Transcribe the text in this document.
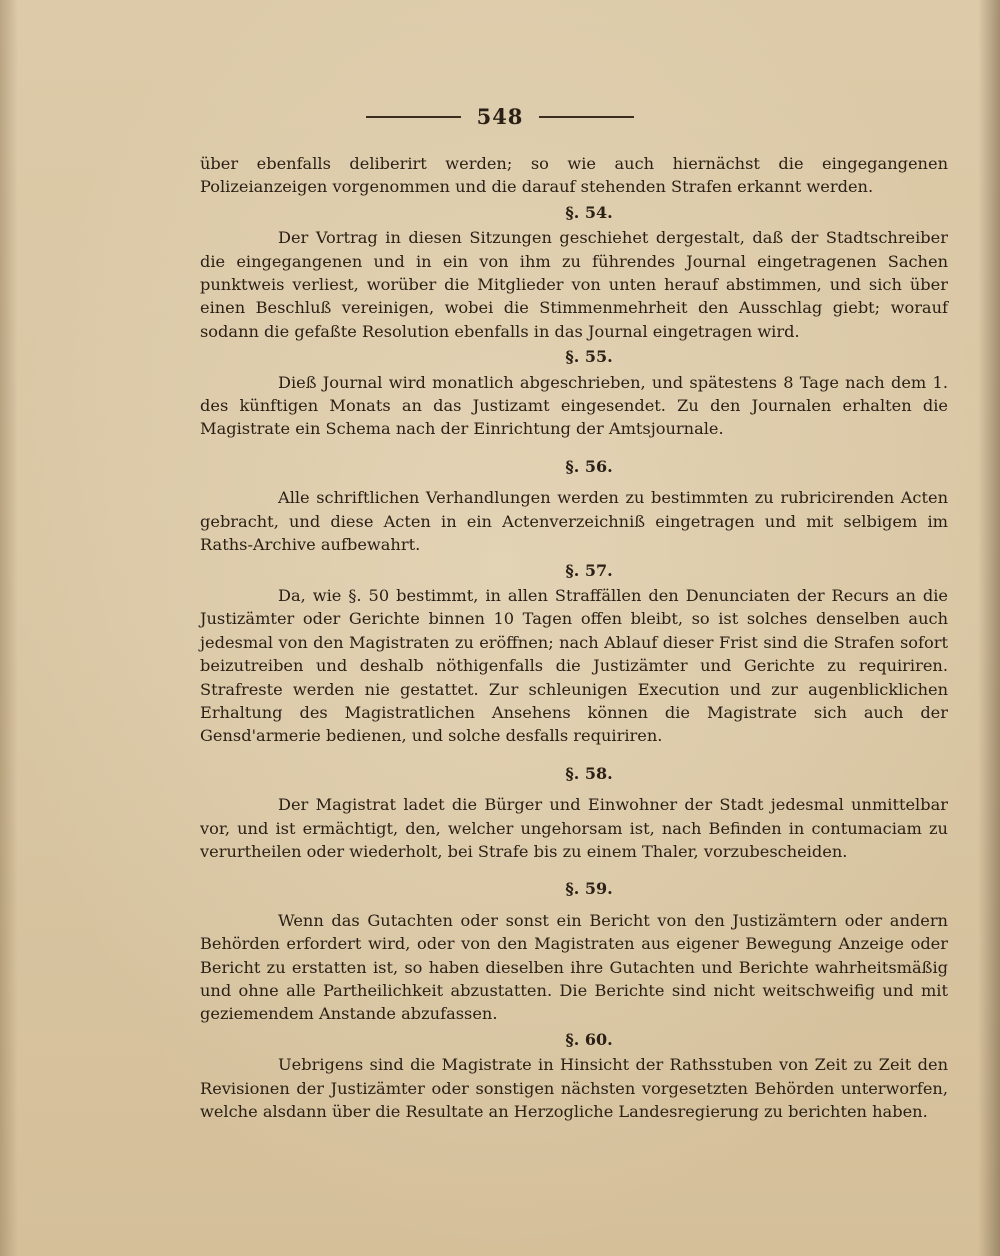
548

über ebenfalls deliberirt werden; so wie auch hiernächst die eingegangenen Polizeianzeigen vorgenommen und die darauf stehenden Strafen erkannt werden.

§. 54.

Der Vortrag in diesen Sitzungen geschiehet dergestalt, daß der Stadtschreiber die eingegangenen und in ein von ihm zu führendes Journal eingetragenen Sachen punktweis verliest, worüber die Mitglieder von unten herauf abstimmen, und sich über einen Beschluß vereinigen, wobei die Stimmenmehrheit den Ausschlag giebt; worauf sodann die gefaßte Resolution ebenfalls in das Journal eingetragen wird.

§. 55.

Dieß Journal wird monatlich abgeschrieben, und spätestens 8 Tage nach dem 1. des künftigen Monats an das Justizamt eingesendet. Zu den Journalen erhalten die Magistrate ein Schema nach der Einrichtung der Amtsjournale.

§. 56.

Alle schriftlichen Verhandlungen werden zu bestimmten zu rubricirenden Acten gebracht, und diese Acten in ein Actenverzeichniß eingetragen und mit selbigem im Raths-Archive aufbewahrt.

§. 57.

Da, wie §. 50 bestimmt, in allen Straffällen den Denunciaten der Recurs an die Justizämter oder Gerichte binnen 10 Tagen offen bleibt, so ist solches denselben auch jedesmal von den Magistraten zu eröffnen; nach Ablauf dieser Frist sind die Strafen sofort beizutreiben und deshalb nöthigenfalls die Justizämter und Gerichte zu requiriren. Strafreste werden nie gestattet. Zur schleunigen Execution und zur augenblicklichen Erhaltung des Magistratlichen Ansehens können die Magistrate sich auch der Gensd'armerie bedienen, und solche desfalls requiriren.

§. 58.

Der Magistrat ladet die Bürger und Einwohner der Stadt jedesmal unmittelbar vor, und ist ermächtigt, den, welcher ungehorsam ist, nach Befinden in contumaciam zu verurtheilen oder wiederholt, bei Strafe bis zu einem Thaler, vorzubescheiden.

§. 59.

Wenn das Gutachten oder sonst ein Bericht von den Justizämtern oder andern Behörden erfordert wird, oder von den Magistraten aus eigener Bewegung Anzeige oder Bericht zu erstatten ist, so haben dieselben ihre Gutachten und Berichte wahrheitsmäßig und ohne alle Partheilichkeit abzustatten. Die Berichte sind nicht weitschweifig und mit geziemendem Anstande abzufassen.

§. 60.

Uebrigens sind die Magistrate in Hinsicht der Rathsstuben von Zeit zu Zeit den Revisionen der Justizämter oder sonstigen nächsten vorgesetzten Behörden unterworfen, welche alsdann über die Resultate an Herzogliche Landesregierung zu berichten haben.
